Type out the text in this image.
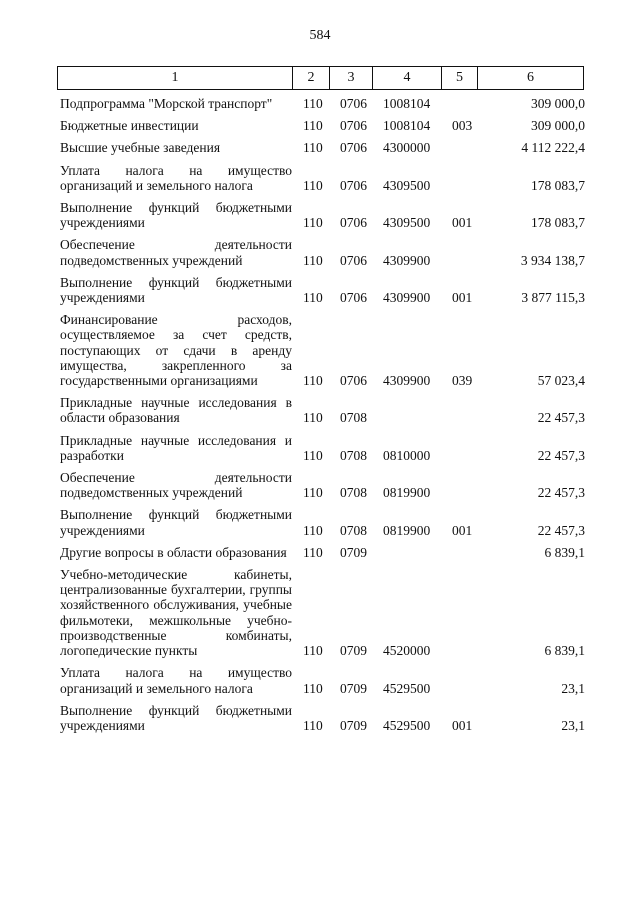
584
1	2	3	4	5	6
Подпрограмма "Морской транспорт"	110 0706 1008104	309 000,0
Бюджетные инвестиции	110 0706 1008104 003	309 000,0
Высшие учебные заведения	110 0706 4300000	4 112 222,4
Уплата налога на имущество организаций и земельного налога	110 0706 4309500	178 083,7
Выполнение функций бюджетными учреждениями	110 0706 4309500 001	178 083,7
Обеспечение деятельности подведомственных учреждений	110 0706 4309900	3 934 138,7
Выполнение функций бюджетными учреждениями	110 0706 4309900 001	3 877 115,3
Финансирование расходов, осуществляемое за счет средств, поступающих от сдачи в аренду имущества, закрепленного за государственными организациями	110 0706 4309900 039	57 023,4
Прикладные научные исследования в области образования	110 0708	22 457,3
Прикладные научные исследования и разработки	110 0708 0810000	22 457,3
Обеспечение деятельности подведомственных учреждений	110 0708 0819900	22 457,3
Выполнение функций бюджетными учреждениями	110 0708 0819900 001	22 457,3
Другие вопросы в области образования	110 0709	6 839,1
Учебно-методические кабинеты, централизованные бухгалтерии, группы хозяйственного обслуживания, учебные фильмотеки, межшкольные учебно-производственные комбинаты, логопедические пункты	110 0709 4520000	6 839,1
Уплата налога на имущество организаций и земельного налога	110 0709 4529500	23,1
Выполнение функций бюджетными учреждениями	110 0709 4529500 001	23,1
